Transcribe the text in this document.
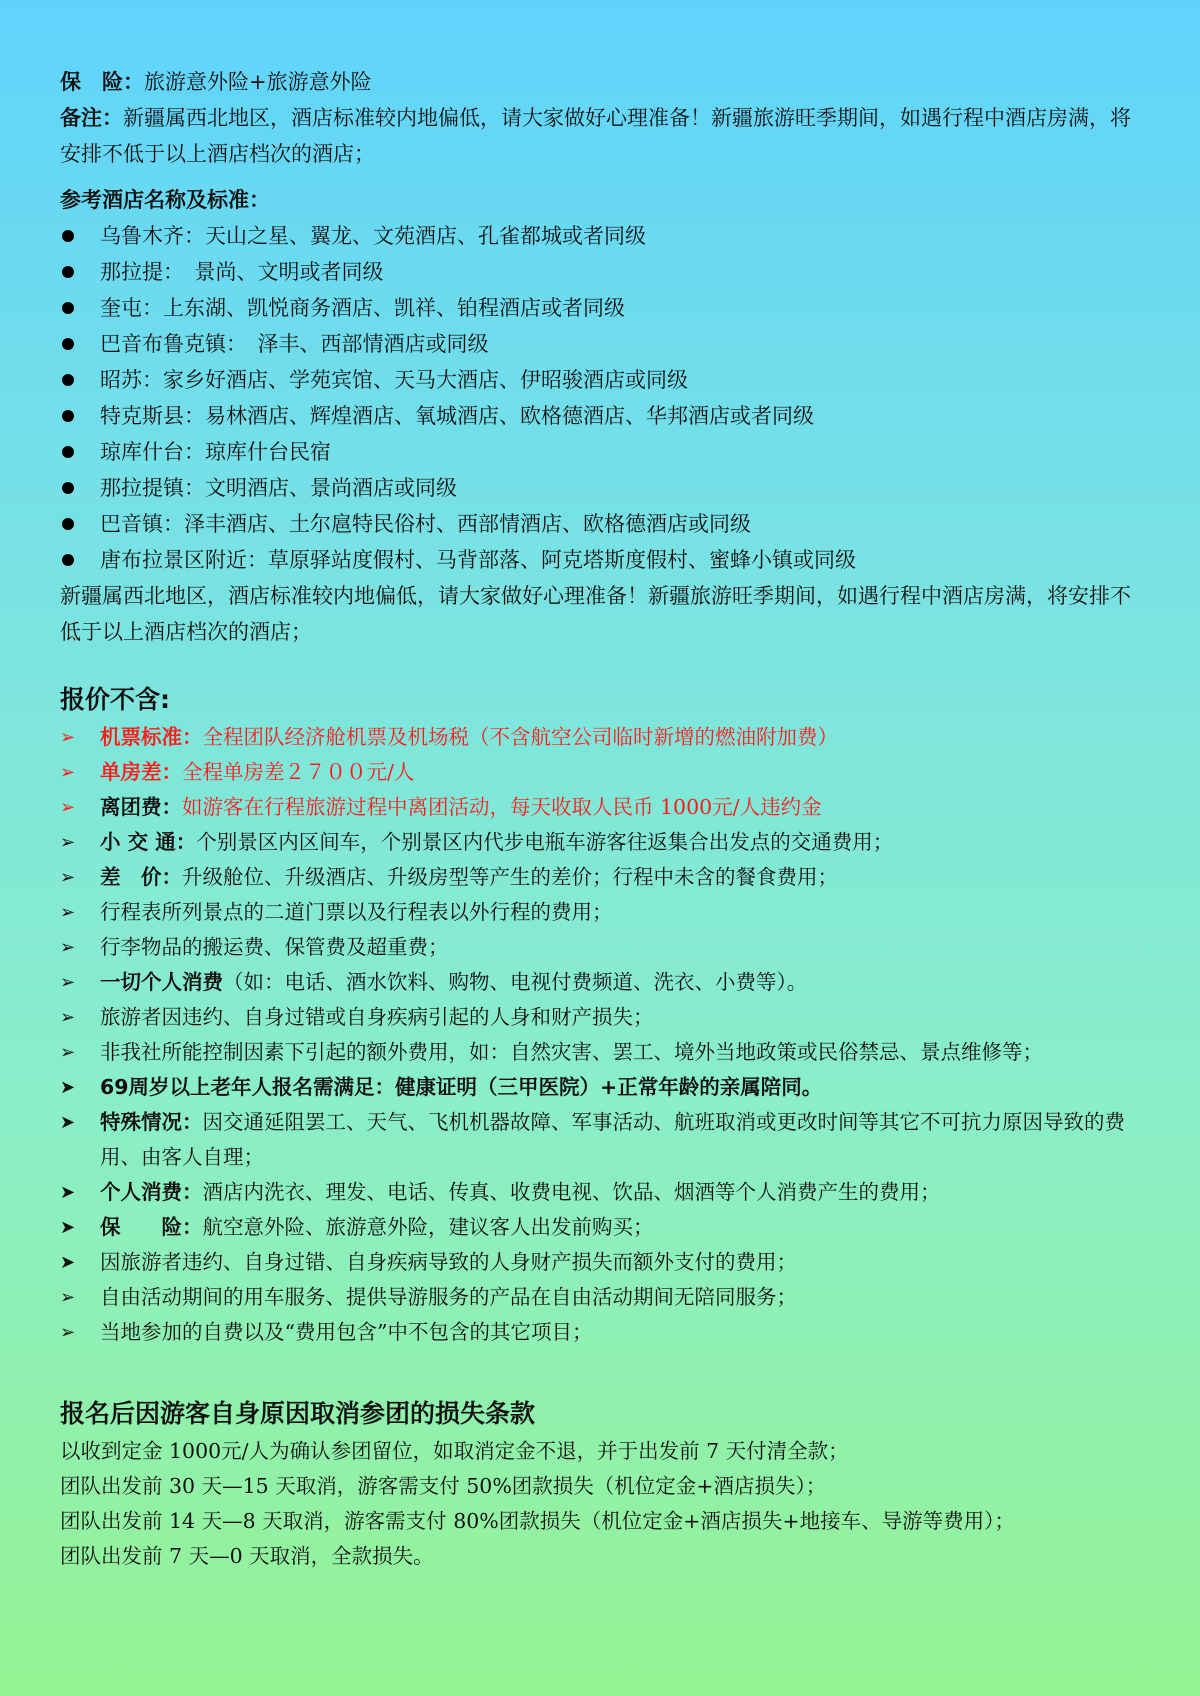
保　险：旅游意外险+旅游意外险
备注：新疆属西北地区，酒店标准较内地偏低，请大家做好心理准备！新疆旅游旺季期间，如遇行程中酒店房满，将安排不低于以上酒店档次的酒店；
参考酒店名称及标准：
乌鲁木齐：天山之星、翼龙、文苑酒店、孔雀都城或者同级
那拉提：　景尚、文明或者同级
奎屯：上东湖、凯悦商务酒店、凯祥、铂程酒店或者同级
巴音布鲁克镇：　泽丰、西部情酒店或同级
昭苏：家乡好酒店、学苑宾馆、天马大酒店、伊昭骏酒店或同级
特克斯县：易林酒店、辉煌酒店、氧城酒店、欧格德酒店、华邦酒店或者同级
琼库什台：琼库什台民宿
那拉提镇：文明酒店、景尚酒店或同级
巴音镇：泽丰酒店、土尔扈特民俗村、西部情酒店、欧格德酒店或同级
唐布拉景区附近：草原驿站度假村、马背部落、阿克塔斯度假村、蜜蜂小镇或同级
新疆属西北地区，酒店标准较内地偏低，请大家做好心理准备！新疆旅游旺季期间，如遇行程中酒店房满，将安排不低于以上酒店档次的酒店；
报价不含:
➢ 机票标准：全程团队经济舱机票及机场税（不含航空公司临时新增的燃油附加费）
➢ 单房差：全程单房差２７００元/人
➢ 离团费：如游客在行程旅游过程中离团活动，每天收取人民币 1000元/人违约金
➢ 小 交 通：个别景区内区间车，个别景区内代步电瓶车游客往返集合出发点的交通费用；
➢ 差　价：升级舱位、升级酒店、升级房型等产生的差价；行程中未含的餐食费用；
➢ 行程表所列景点的二道门票以及行程表以外行程的费用；
➢ 行李物品的搬运费、保管费及超重费；
➢ 一切个人消费（如：电话、酒水饮料、购物、电视付费频道、洗衣、小费等）。
➢ 旅游者因违约、自身过错或自身疾病引起的人身和财产损失；
➢ 非我社所能控制因素下引起的额外费用，如：自然灾害、罢工、境外当地政策或民俗禁忌、景点维修等；
➤ 69周岁以上老年人报名需满足：健康证明（三甲医院）+正常年龄的亲属陪同。
➤ 特殊情况：因交通延阻罢工、天气、飞机机器故障、军事活动、航班取消或更改时间等其它不可抗力原因导致的费用、由客人自理；
➤ 个人消费：酒店内洗衣、理发、电话、传真、收费电视、饮品、烟酒等个人消费产生的费用；
➤ 保　　险：航空意外险、旅游意外险，建议客人出发前购买；
➤ 因旅游者违约、自身过错、自身疾病导致的人身财产损失而额外支付的费用；
➢ 自由活动期间的用车服务、提供导游服务的产品在自由活动期间无陪同服务；
➢ 当地参加的自费以及“费用包含”中不包含的其它项目；
报名后因游客自身原因取消参团的损失条款
以收到定金 1000元/人为确认参团留位，如取消定金不退，并于出发前 7 天付清全款；
团队出发前 30 天—15 天取消，游客需支付 50%团款损失（机位定金+酒店损失）；
团队出发前 14 天—8 天取消，游客需支付 80%团款损失（机位定金+酒店损失+地接车、导游等费用）；
团队出发前 7 天—0 天取消，全款损失。
